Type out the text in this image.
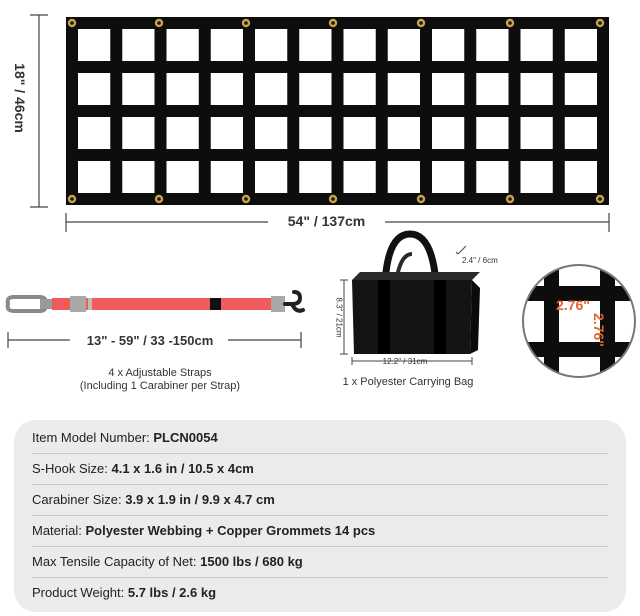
18" / 46cm
54" / 137cm
13" - 59" / 33 -150cm
4 x Adjustable Straps
(Including 1 Carabiner per Strap)
2.4" / 6cm
8.3" / 21cm
12.2" / 31cm
1 x Polyester Carrying Bag
2.76"
2.76"
Item Model Number: PLCN0054
S-Hook Size: 4.1 x 1.6 in / 10.5 x 4cm
Carabiner Size: 3.9 x 1.9 in / 9.9 x 4.7 cm
Material: Polyester Webbing + Copper Grommets 14 pcs
Max Tensile Capacity of Net: 1500 lbs / 680 kg
Product Weight: 5.7 lbs / 2.6 kg
